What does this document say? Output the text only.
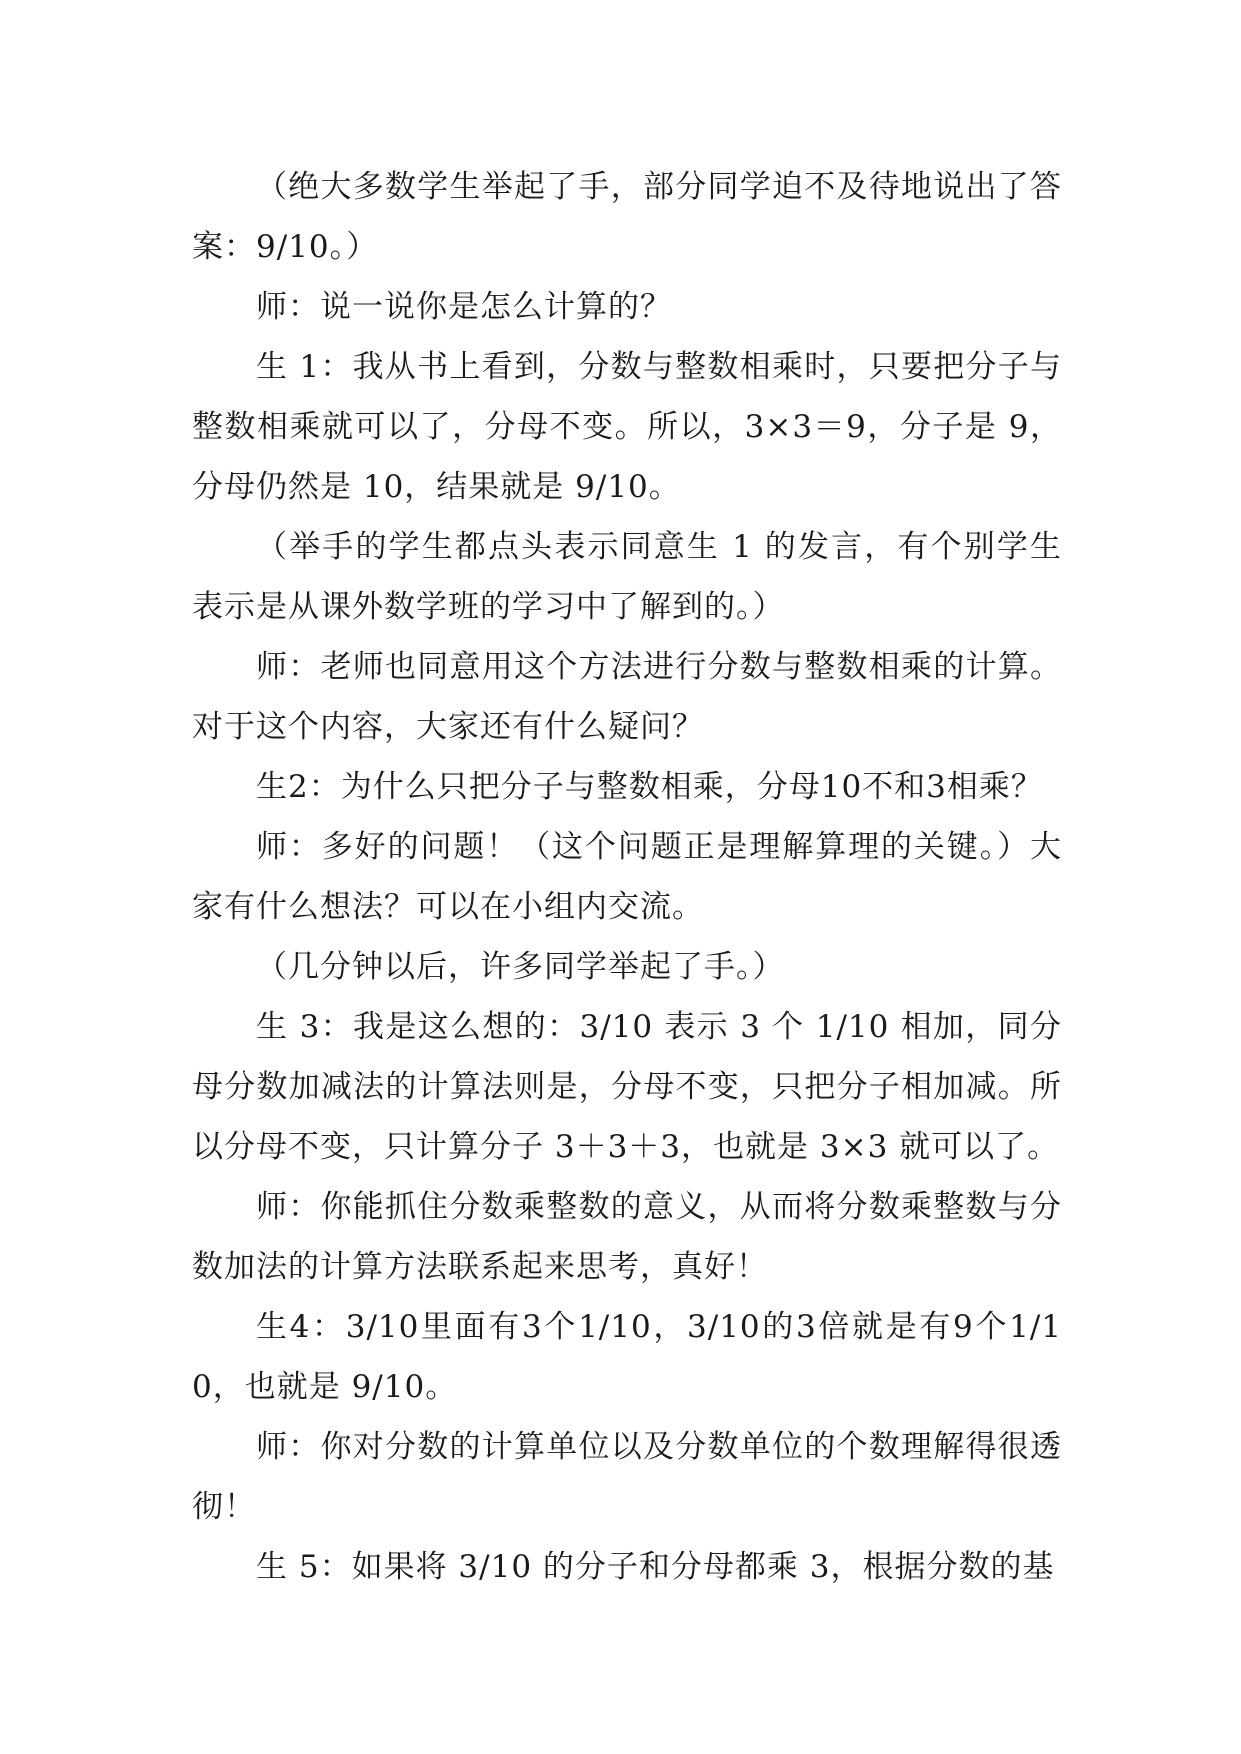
（绝大多数学生举起了手，部分同学迫不及待地说出了答案：9/10。）

师：说一说你是怎么计算的？

生 1：我从书上看到，分数与整数相乘时，只要把分子与整数相乘就可以了，分母不变。所以，3×3＝9，分子是 9，分母仍然是 10，结果就是 9/10。

（举手的学生都点头表示同意生 1 的发言，有个别学生表示是从课外数学班的学习中了解到的。）

师：老师也同意用这个方法进行分数与整数相乘的计算。对于这个内容，大家还有什么疑问？

生2：为什么只把分子与整数相乘，分母10不和3相乘？

师：多好的问题！（这个问题正是理解算理的关键。）大家有什么想法？可以在小组内交流。

（几分钟以后，许多同学举起了手。）

生 3：我是这么想的：3/10 表示 3 个 1/10 相加，同分母分数加减法的计算法则是，分母不变，只把分子相加减。所以分母不变，只计算分子 3＋3＋3，也就是 3×3 就可以了。

师：你能抓住分数乘整数的意义，从而将分数乘整数与分数加法的计算方法联系起来思考，真好！

生4：3/10里面有3个1/10，3/10的3倍就是有9个1/10，也就是 9/10。

师：你对分数的计算单位以及分数单位的个数理解得很透彻！

生 5：如果将 3/10 的分子和分母都乘 3，根据分数的基
